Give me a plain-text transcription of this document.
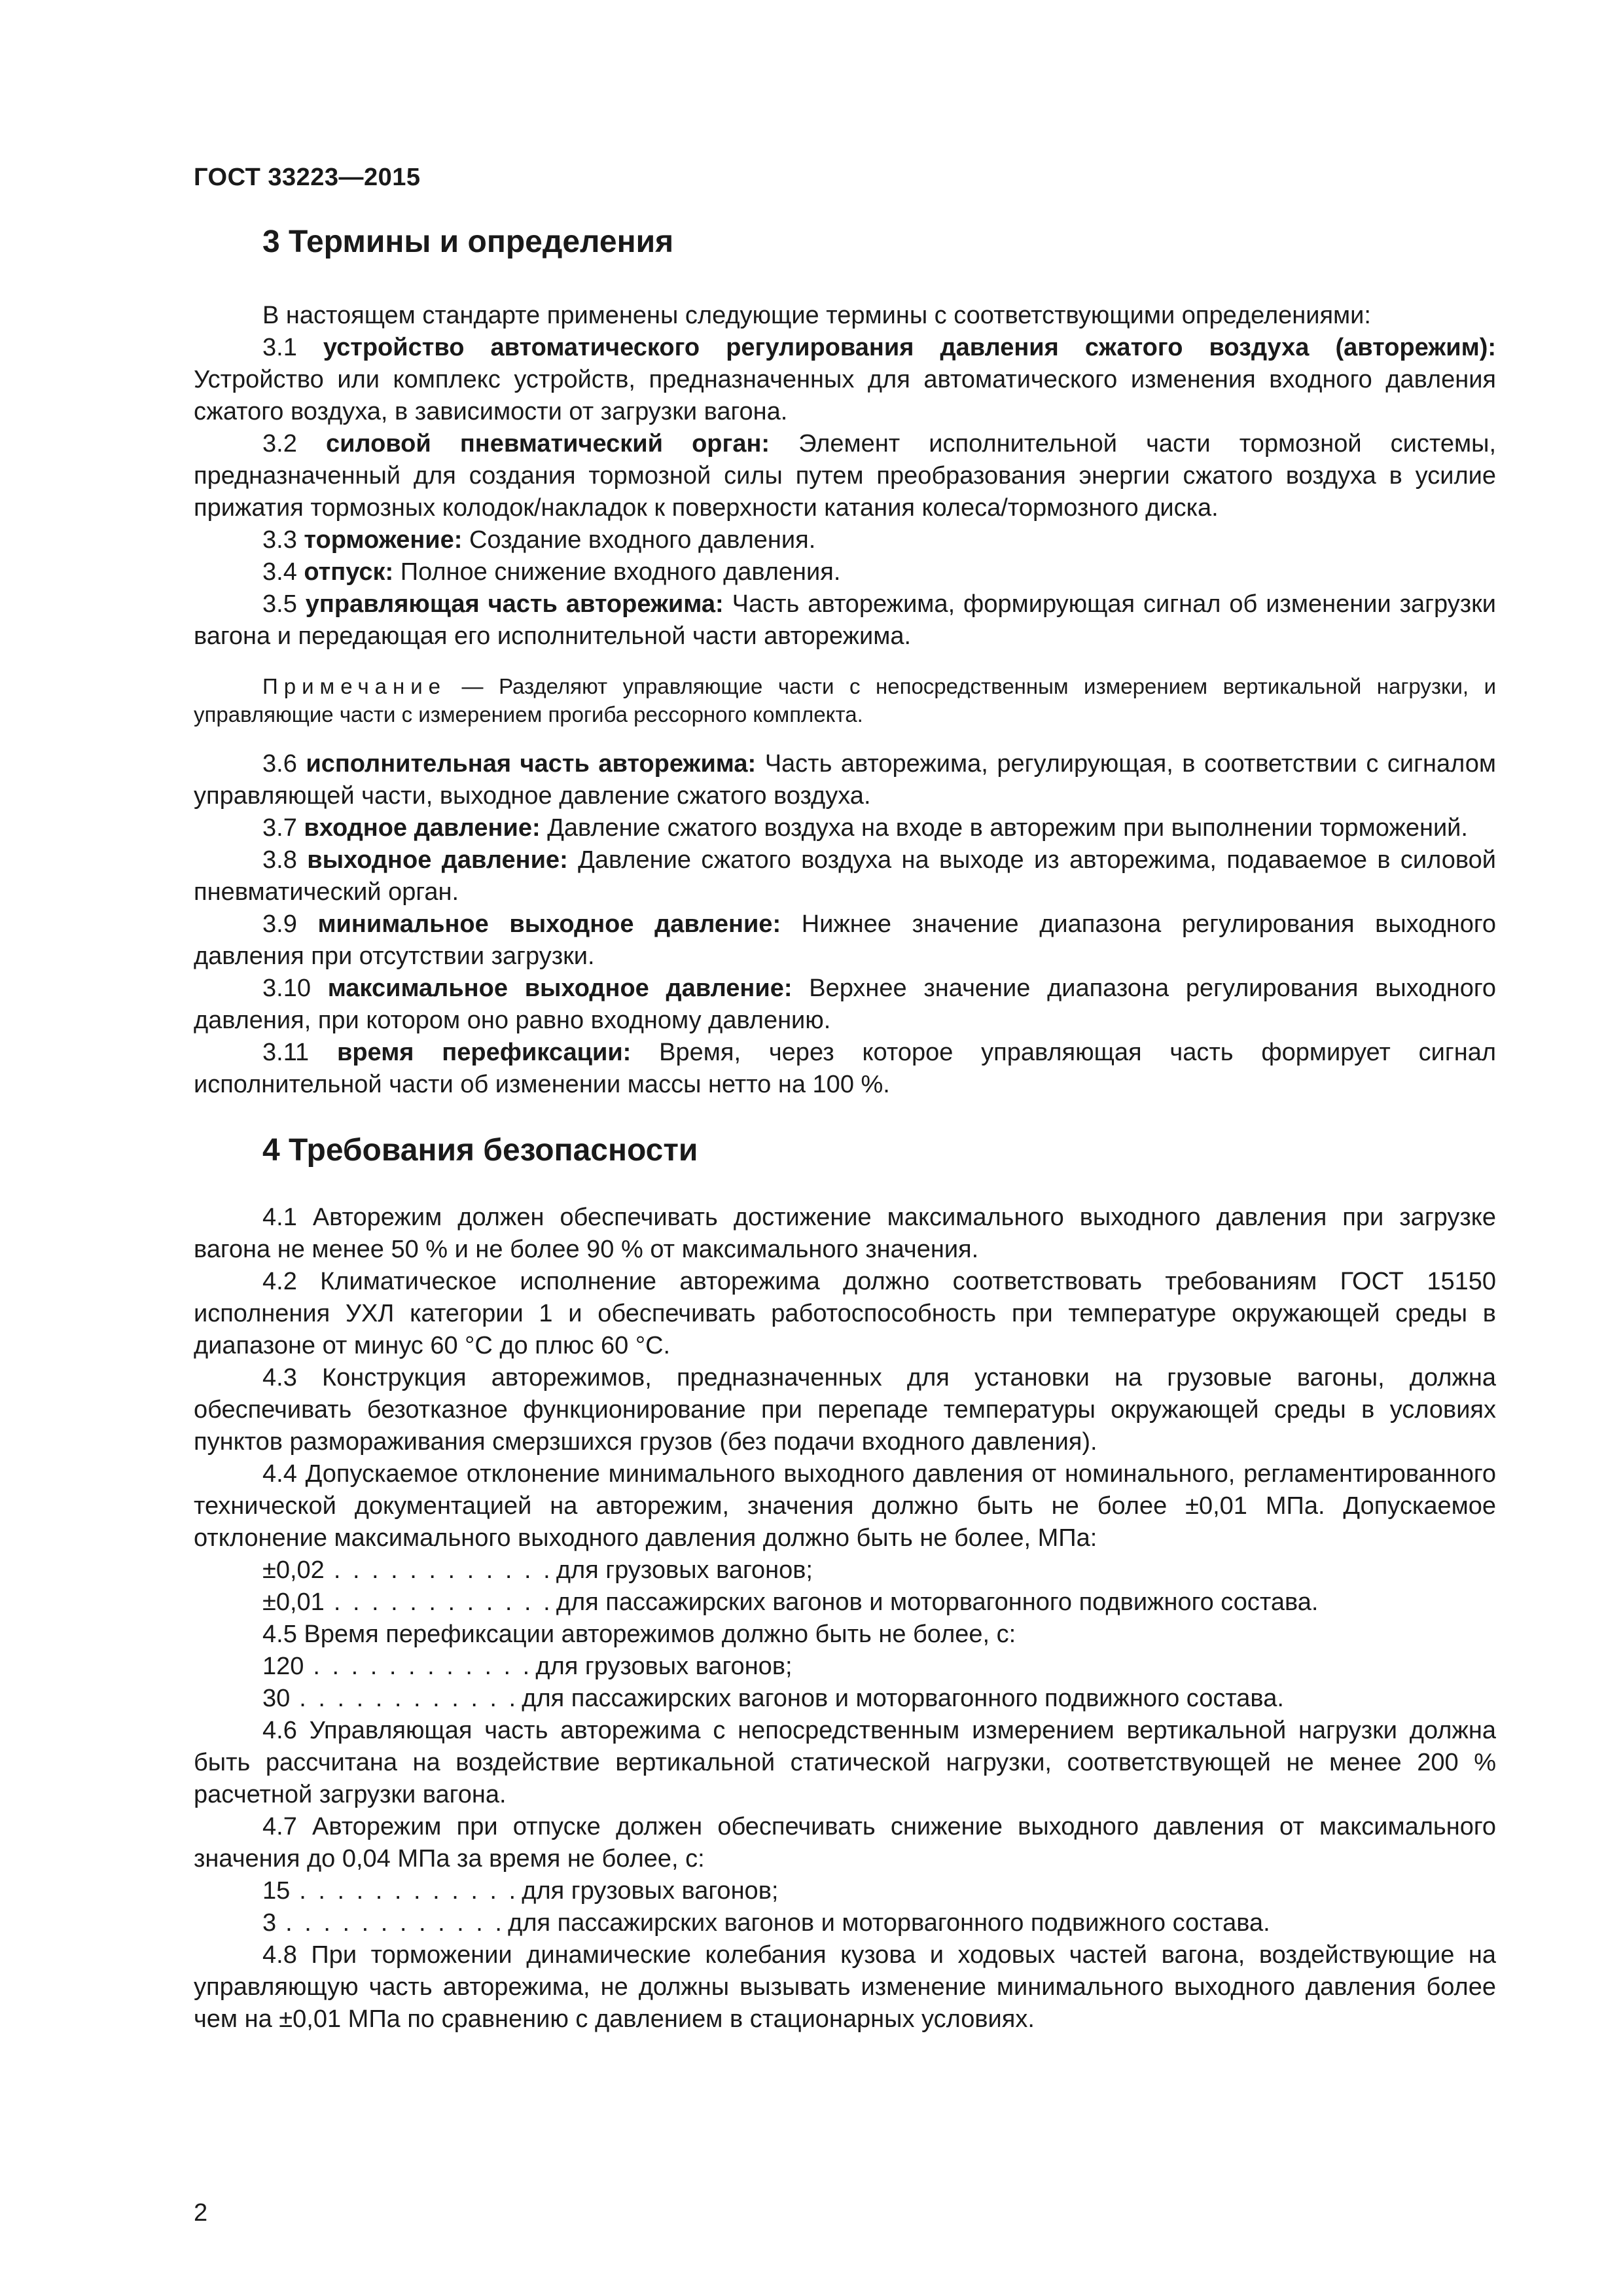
ГОСТ 33223—2015
3 Термины и определения

В настоящем стандарте применены следующие термины с соответствующими определениями:

3.1 устройство автоматического регулирования давления сжатого воздуха (авторежим): Устройство или комплекс устройств, предназначенных для автоматического изменения входного давления сжатого воздуха, в зависимости от загрузки вагона.

3.2 силовой пневматический орган: Элемент исполнительной части тормозной системы, предназначенный для создания тормозной силы путем преобразования энергии сжатого воздуха в усилие прижатия тормозных колодок/накладок к поверхности катания колеса/тормозного диска.

3.3 торможение: Создание входного давления.

3.4 отпуск: Полное снижение входного давления.

3.5 управляющая часть авторежима: Часть авторежима, формирующая сигнал об изменении загрузки вагона и передающая его исполнительной части авторежима.

Примечание — Разделяют управляющие части с непосредственным измерением вертикальной нагрузки, и управляющие части с измерением прогиба рессорного комплекта.

3.6 исполнительная часть авторежима: Часть авторежима, регулирующая, в соответствии с сигналом управляющей части, выходное давление сжатого воздуха.

3.7 входное давление: Давление сжатого воздуха на входе в авторежим при выполнении торможений.

3.8 выходное давление: Давление сжатого воздуха на выходе из авторежима, подаваемое в силовой пневматический орган.

3.9 минимальное выходное давление: Нижнее значение диапазона регулирования выходного давления при отсутствии загрузки.

3.10 максимальное выходное давление: Верхнее значение диапазона регулирования выходного давления, при котором оно равно входному давлению.

3.11 время перефиксации: Время, через которое управляющая часть формирует сигнал исполнительной части об изменении массы нетто на 100 %.

4 Требования безопасности

4.1 Авторежим должен обеспечивать достижение максимального выходного давления при загрузке вагона не менее 50 % и не более 90 % от максимального значения.

4.2 Климатическое исполнение авторежима должно соответствовать требованиям ГОСТ 15150 исполнения УХЛ категории 1 и обеспечивать работоспособность при температуре окружающей среды в диапазоне от минус 60 °С до плюс 60 °С.

4.3 Конструкция авторежимов, предназначенных для установки на грузовые вагоны, должна обеспечивать безотказное функционирование при перепаде температуры окружающей среды в условиях пунктов размораживания смерзшихся грузов (без подачи входного давления).

4.4 Допускаемое отклонение минимального выходного давления от номинального, регламентированного технической документацией на авторежим, значения должно быть не более ±0,01 МПа. Допускаемое отклонение максимального выходного давления должно быть не более, МПа:

±0,02 . . .	для грузовых вагонов;
±0,01 . . .	для пассажирских вагонов и моторвагонного подвижного состава.

4.5 Время перефиксации авторежимов должно быть не более, с:

120 . . .	для грузовых вагонов;
30 . . .	для пассажирских вагонов и моторвагонного подвижного состава.

4.6 Управляющая часть авторежима с непосредственным измерением вертикальной нагрузки должна быть рассчитана на воздействие вертикальной статической нагрузки, соответствующей не менее 200 % расчетной загрузки вагона.

4.7 Авторежим при отпуске должен обеспечивать снижение выходного давления от максимального значения до 0,04 МПа за время не более, с:

15 . . .	для грузовых вагонов;
3 . . .	для пассажирских вагонов и моторвагонного подвижного состава.

4.8 При торможении динамические колебания кузова и ходовых частей вагона, воздействующие на управляющую часть авторежима, не должны вызывать изменение минимального выходного давления более чем на ±0,01 МПа по сравнению с давлением в стационарных условиях.

2
